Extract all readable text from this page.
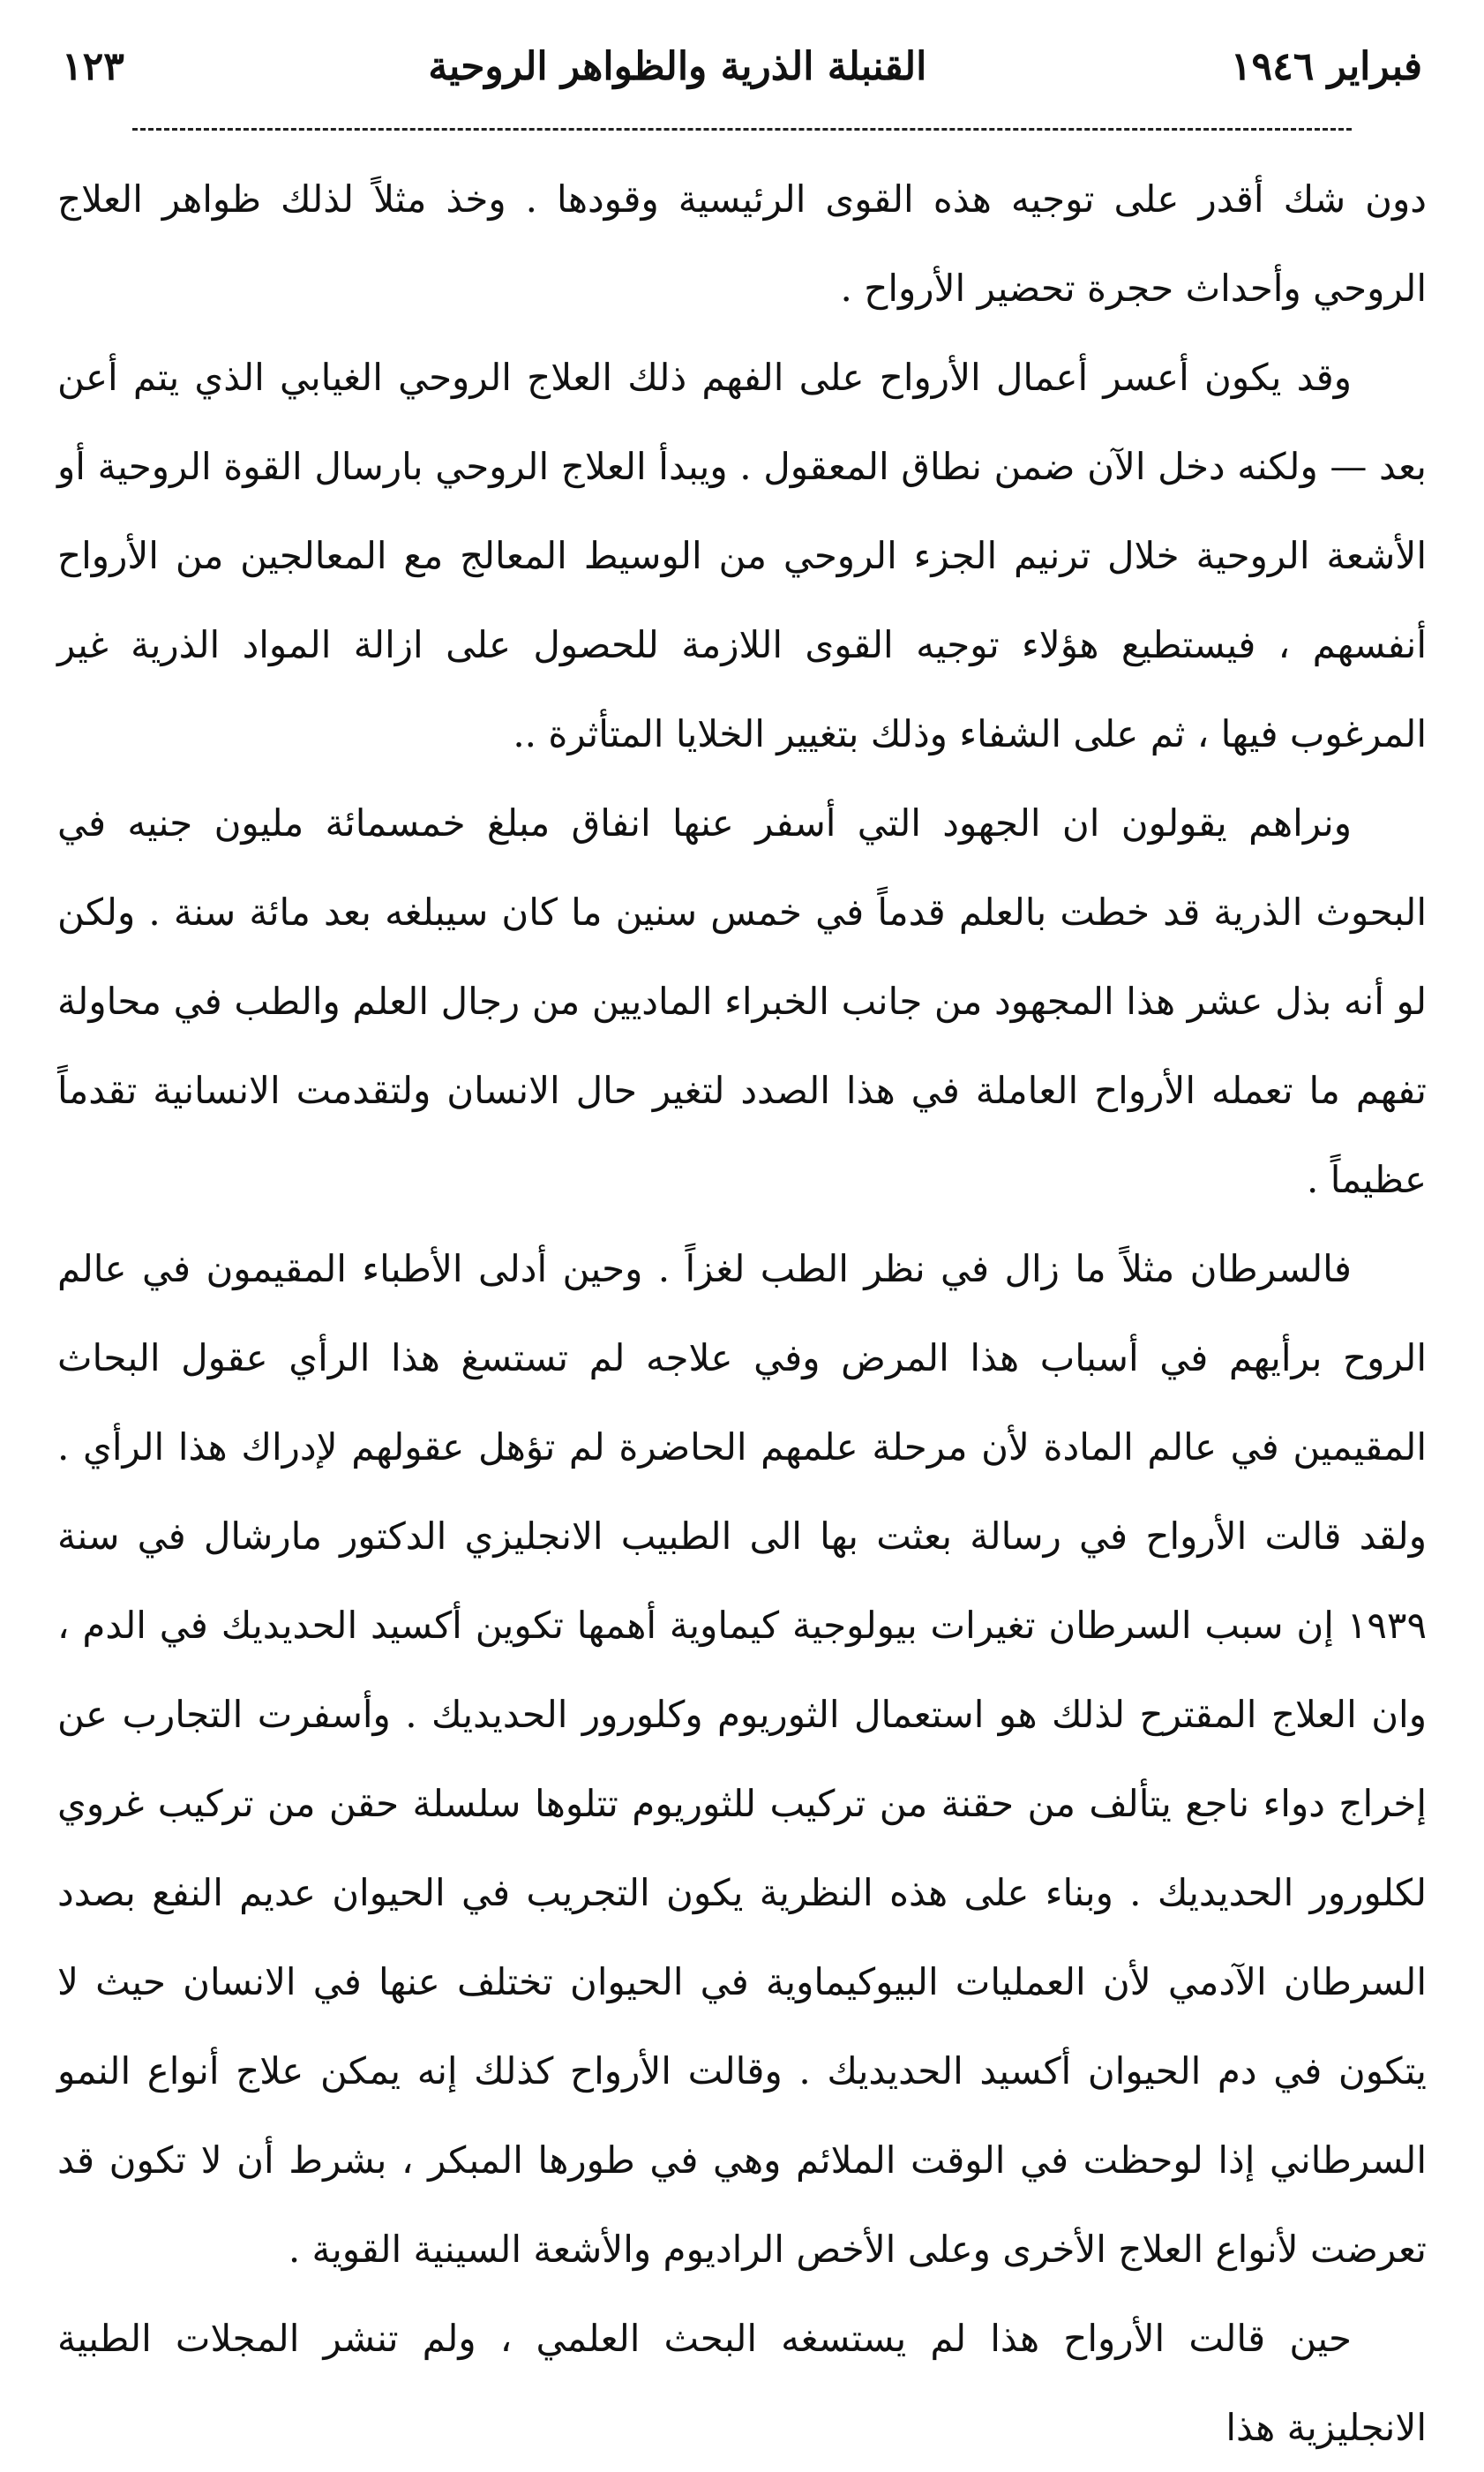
فبراير ١٩٤٦
القنبلة الذرية والظواهر الروحية
١٢٣

دون شك أقدر على توجيه هذه القوى الرئيسية وقودها . وخذ مثلاً لذلك ظواهر العلاج الروحي وأحداث حجرة تحضير الأرواح .

وقد يكون أعسر أعمال الأرواح على الفهم ذلك العلاج الروحي الغيابي الذي يتم أعن بعد — ولكنه دخل الآن ضمن نطاق المعقول . ويبدأ العلاج الروحي بارسال القوة الروحية أو الأشعة الروحية خلال ترنيم الجزء الروحي من الوسيط المعالج مع المعالجين من الأرواح أنفسهم ، فيستطيع هؤلاء توجيه القوى اللازمة للحصول على ازالة المواد الذرية غير المرغوب فيها ، ثم على الشفاء وذلك بتغيير الخلايا المتأثرة ..

ونراهم يقولون ان الجهود التي أسفر عنها انفاق مبلغ خمسمائة مليون جنيه في البحوث الذرية قد خطت بالعلم قدماً في خمس سنين ما كان سيبلغه بعد مائة سنة . ولكن لو أنه بذل عشر هذا المجهود من جانب الخبراء الماديين من رجال العلم والطب في محاولة تفهم ما تعمله الأرواح العاملة في هذا الصدد لتغير حال الانسان ولتقدمت الانسانية تقدماً عظيماً .

فالسرطان مثلاً ما زال في نظر الطب لغزاً . وحين أدلى الأطباء المقيمون في عالم الروح برأيهم في أسباب هذا المرض وفي علاجه لم تستسغ هذا الرأي عقول البحاث المقيمين في عالم المادة لأن مرحلة علمهم الحاضرة لم تؤهل عقولهم لإدراك هذا الرأي . ولقد قالت الأرواح في رسالة بعثت بها الى الطبيب الانجليزي الدكتور مارشال في سنة ١٩٣٩ إن سبب السرطان تغيرات بيولوجية كيماوية أهمها تكوين أكسيد الحديديك في الدم ، وان العلاج المقترح لذلك هو استعمال الثوريوم وكلورور الحديديك . وأسفرت التجارب عن إخراج دواء ناجع يتألف من حقنة من تركيب للثوريوم تتلوها سلسلة حقن من تركيب غروي لكلورور الحديديك . وبناء على هذه النظرية يكون التجريب في الحيوان عديم النفع بصدد السرطان الآدمي لأن العمليات البيوكيماوية في الحيوان تختلف عنها في الانسان حيث لا يتكون في دم الحيوان أكسيد الحديديك . وقالت الأرواح كذلك إنه يمكن علاج أنواع النمو السرطاني إذا لوحظت في الوقت الملائم وهي في طورها المبكر ، بشرط أن لا تكون قد تعرضت لأنواع العلاج الأخرى وعلى الأخص الراديوم والأشعة السينية القوية .

حين قالت الأرواح هذا لم يستسغه البحث العلمي ، ولم تنشر المجلات الطبية الانجليزية هذا
